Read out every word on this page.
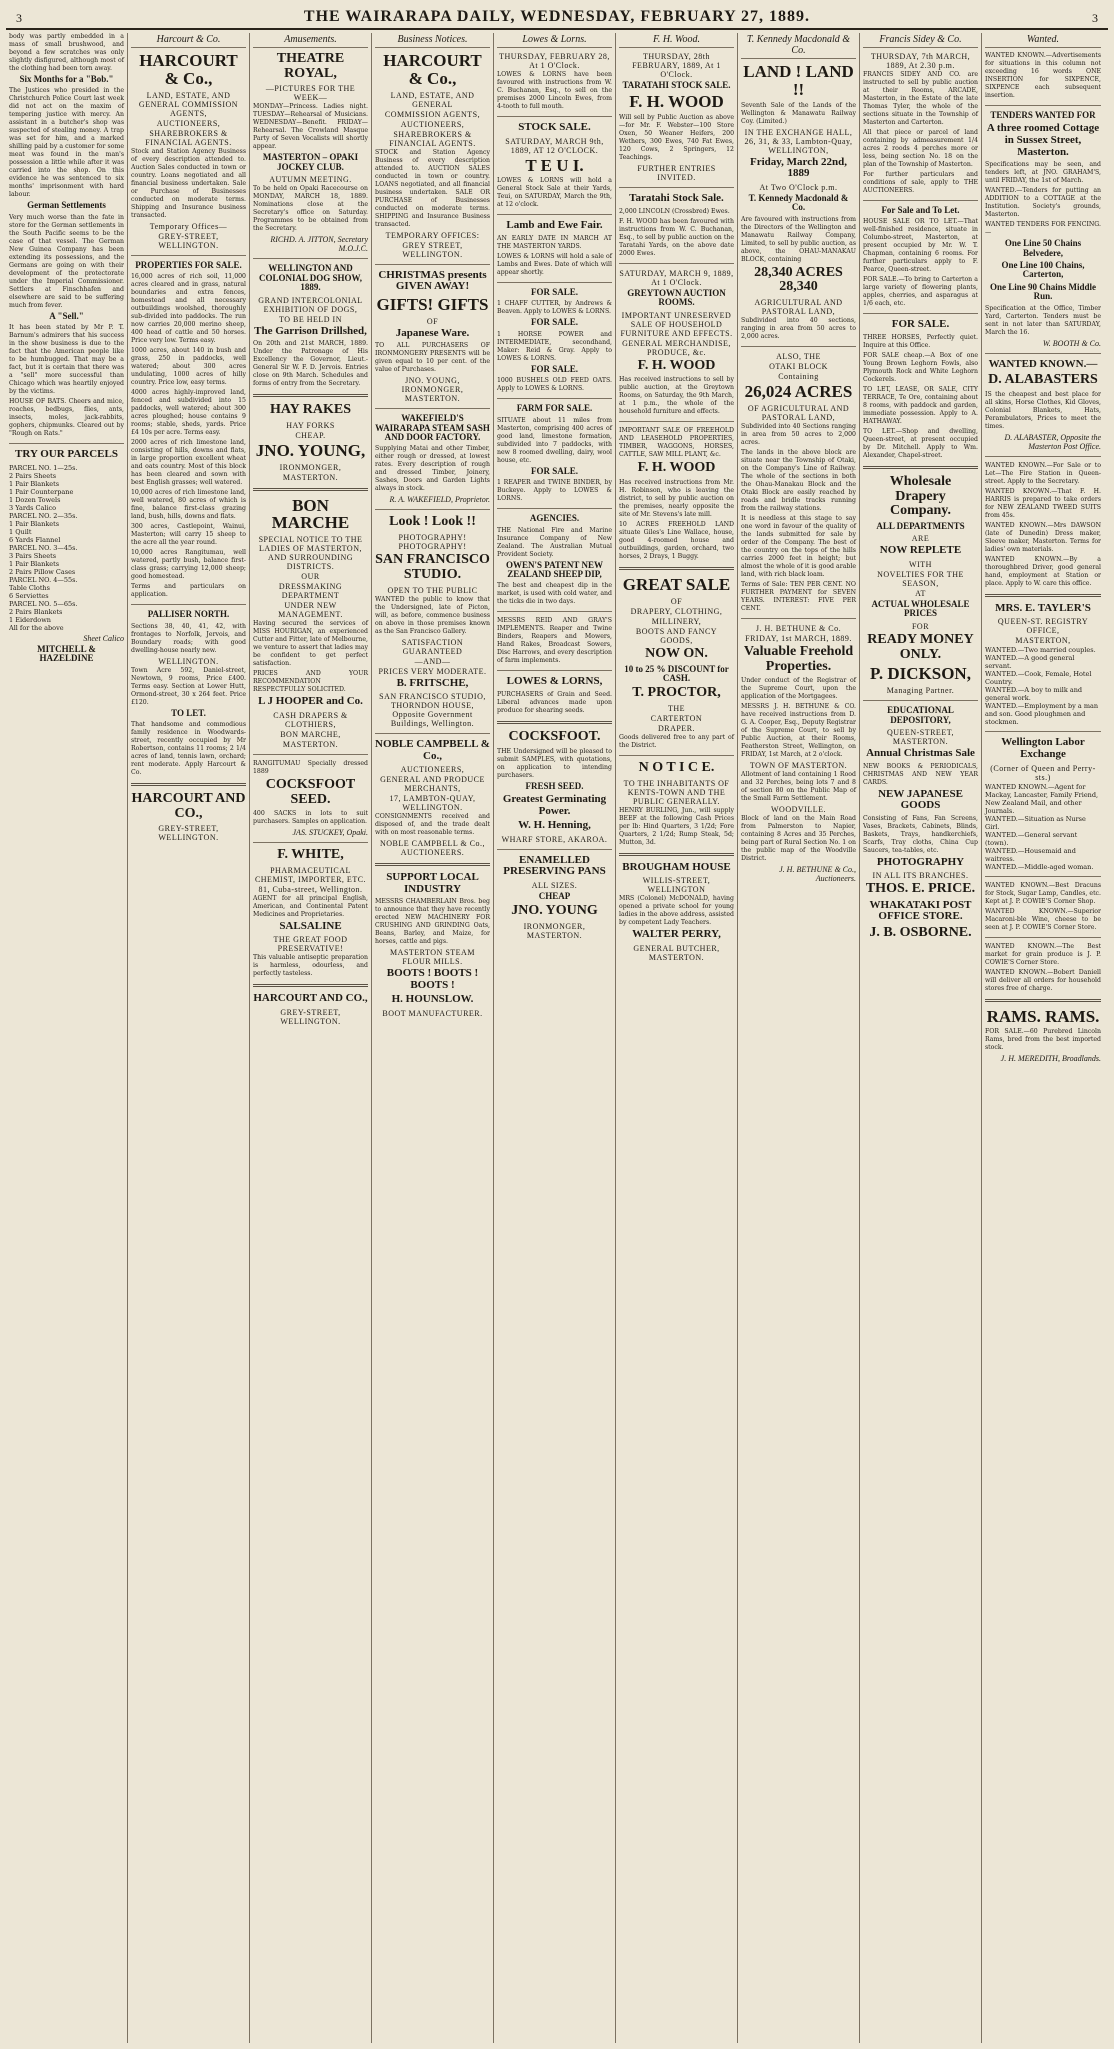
3	THE WAIRARAPA DAILY, WEDNESDAY, FEBRUARY 27, 1889.	3

body was partly embedded in a mass of small brushwood, and beyond a few scratches was only slightly disfigured, although most of the clothing had been torn away.

Six Months for a "Bob."

The Justices who presided in the Christchurch Police Court last week did not act on the maxim of tempering justice with mercy. An assistant in a butcher's shop was suspected of stealing money. A trap was set for him, and a marked shilling paid by a customer for some meat was found in the man's possession a little while after it was carried into the shop. On this evidence he was sentenced to six months' imprisonment with hard labour.

German Settlements

Very much worse than the fate in store for the German settlements in the South Pacific seems to be the case of that vessel. The German New Guinea Company has been extending its possessions, and the Germans are going on with their development of the protectorate under the Imperial Commissioner. Settlers at Finschhafen and elsewhere are said to be suffering much from fever.

A "Sell."

It has been stated by Mr P. T. Barnum's admirers that his success in the show business is due to the fact that the American people like to be humbugged. That may be a fact, but it is certain that there was a "sell" more successful than Chicago which was heartily enjoyed by the victims.

HOUSE OF BATS. Cheers and mice, roaches, bedbugs, flies, ants, insects, moles, jack-rabbits, gophers, chipmunks. Cleared out by "Rough on Rats."

TRY OUR PARCELS

PARCEL NO. 1—25s.

2 Pairs Sheets

1 Pair Blankets

1 Pair Counterpane

1 Dozen Towels

3 Yards Calico

PARCEL NO. 2—35s.

1 Pair Blankets

1 Quilt

6 Yards Flannel

PARCEL NO. 3—45s.

3 Pairs Sheets

1 Pair Blankets

2 Pairs Pillow Cases

PARCEL NO. 4—55s.

Table Cloths

6 Serviettes

PARCEL NO. 5—65s.

2 Pairs Blankets

1 Eiderdown

All for the above

Sheet Calico
MITCHELL & HAZELDINE
Harcourt & Co.
HARCOURT & Co.,
LAND, ESTATE, AND GENERAL COMMISSION AGENTS,
AUCTIONEERS,
SHAREBROKERS & FINANCIAL AGENTS.

Stock and Station Agency Business of every description attended to. Auction Sales conducted in town or country. Loans negotiated and all financial business undertaken. Sale or Purchase of Businesses conducted on moderate terms. Shipping and Insurance business transacted.

Temporary Offices—
GREY-STREET, WELLINGTON.
PROPERTIES FOR SALE.

16,000 acres of rich soil, 11,000 acres cleared and in grass, natural boundaries and extra fences, homestead and all necessary outbuildings woolshed, thoroughly sub-divided into paddocks. The run now carries 20,000 merino sheep, 400 head of cattle and 50 horses. Price very low. Terms easy.

1000 acres, about 140 in bush and grass, 250 in paddocks, well watered; about 300 acres undulating, 1000 acres of hilly country. Price low, easy terms.

4000 acres highly-improved land, fenced and subdivided into 15 paddocks, well watered; about 300 acres ploughed; house contains 9 rooms; stable, sheds, yards. Price £4 10s per acre. Terms easy.

2000 acres of rich limestone land, consisting of hills, downs and flats, in large proportion excellent wheat and oats country. Most of this block has been cleared and sown with best English grasses; well watered.

10,000 acres of rich limestone land, well watered, 80 acres of which is fine, balance first-class grazing land, bush, hills, downs and flats.

300 acres, Castlepoint, Wainui, Masterton; will carry 15 sheep to the acre all the year round.

10,000 acres Rangitumau, well watered, partly bush, balance first-class grass; carrying 12,000 sheep; good homestead.

Terms and particulars on application.

PALLISER NORTH.

Sections 38, 40, 41, 42, with frontages to Norfolk, Jervois, and Boundary roads; with good dwelling-house nearly new.

WELLINGTON.

Town Acre 592, Daniel-street, Newtown, 9 rooms, Price £400. Terms easy. Section at Lower Hutt, Ormond-street, 30 x 264 feet. Price £120.

TO LET.

That handsome and commodious family residence in Woodwards-street, recently occupied by Mr Robertson, contains 11 rooms; 2 1/4 acres of land, tennis lawn, orchard; rent moderate. Apply Harcourt & Co.

HARCOURT AND CO.,
GREY-STREET, WELLINGTON.
Amusements.
THEATRE ROYAL,
—PICTURES FOR THE WEEK—

MONDAY—Princess. Ladies night. TUESDAY—Rehearsal of Musicians. WEDNESDAY—Benefit. FRIDAY—Rehearsal. The Crowland Masque Party of Seven Vocalists will shortly appear.

MASTERTON – OPAKI JOCKEY CLUB.
AUTUMN MEETING.

To be held on Opaki Racecourse on MONDAY, MARCH 18, 1889. Nominations close at the Secretary's office on Saturday. Programmes to be obtained from the Secretary.

RICHD. A. JITTON, Secretary M.O.J.C.
WELLINGTON AND COLONIAL DOG SHOW, 1889.
GRAND INTERCOLONIAL EXHIBITION OF DOGS,
TO BE HELD IN
The Garrison Drillshed,

On 20th and 21st MARCH, 1889. Under the Patronage of His Excellency the Governor, Lieut.-General Sir W. F. D. Jervois. Entries close on 9th March. Schedules and forms of entry from the Secretary.

HAY RAKES
HAY FORKS
CHEAP.
JNO. YOUNG,
IRONMONGER,
MASTERTON.
BON MARCHE
SPECIAL NOTICE TO THE LADIES OF MASTERTON, AND SURROUNDING DISTRICTS.
OUR
DRESSMAKING DEPARTMENT
UNDER NEW MANAGEMENT.

Having secured the services of MISS HOURIGAN, an experienced Cutter and Fitter, late of Melbourne, we venture to assert that ladies may be confident to get perfect satisfaction.

PRICES AND YOUR RECOMMENDATION RESPECTFULLY SOLICITED.

L J HOOPER and Co.
CASH DRAPERS & CLOTHIERS,
BON MARCHE,
MASTERTON.

RANGITUMAU Specially dressed 1889

COCKSFOOT SEED.

400 SACKS in lots to suit purchasers. Samples on application.

JAS. STUCKEY, Opaki.
F. WHITE,
PHARMACEUTICAL CHEMIST, IMPORTER, ETC.
81, Cuba-street, Wellington.

AGENT for all principal English, American, and Continental Patent Medicines and Proprietaries.

SALSALINE
THE GREAT FOOD PRESERVATIVE!

This valuable antiseptic preparation is harmless, odourless, and perfectly tasteless.

HARCOURT AND CO.,
GREY-STREET, WELLINGTON.
Business Notices.
HARCOURT & Co.,
LAND, ESTATE, AND GENERAL
COMMISSION AGENTS,
AUCTIONEERS,
SHAREBROKERS & FINANCIAL AGENTS.

STOCK and Station Agency Business of every description attended to. AUCTION SALES conducted in town or country. LOANS negotiated, and all financial business undertaken. SALE OR PURCHASE of Businesses conducted on moderate terms. SHIPPING and Insurance Business transacted.

TEMPORARY OFFICES:
GREY STREET, WELLINGTON.
CHRISTMAS presents GIVEN AWAY!
GIFTS! GIFTS
OF
Japanese Ware.

TO ALL PURCHASERS OF IRONMONGERY PRESENTS will be given equal to 10 per cent. of the value of Purchases.

JNO. YOUNG, IRONMONGER, MASTERTON.
WAKEFIELD'S WAIRARAPA STEAM SASH AND DOOR FACTORY.

Supplying Matai and other Timber, either rough or dressed, at lowest rates. Every description of rough and dressed Timber, Joinery, Sashes, Doors and Garden Lights always in stock.

R. A. WAKEFIELD, Proprietor.
Look ! Look !!
PHOTOGRAPHY! PHOTOGRAPHY!
SAN FRANCISCO STUDIO.
OPEN TO THE PUBLIC

WANTED the public to know that the Undersigned, late of Picton, will, as before, commence business on above in those premises known as the San Francisco Gallery.

SATISFACTION GUARANTEED
—AND—
PRICES VERY MODERATE.
B. FRITSCHE,
SAN FRANCISCO STUDIO, THORNDON HOUSE, Opposite Government Buildings, Wellington.
NOBLE CAMPBELL & Co.,
AUCTIONEERS,
GENERAL AND PRODUCE MERCHANTS,
17, LAMBTON-QUAY, WELLINGTON.

CONSIGNMENTS received and disposed of, and the trade dealt with on most reasonable terms.

NOBLE CAMPBELL & Co., AUCTIONEERS.
SUPPORT LOCAL INDUSTRY

MESSRS CHAMBERLAIN Bros. beg to announce that they have recently erected NEW MACHINERY FOR CRUSHING AND GRINDING Oats, Beans, Barley, and Maize, for horses, cattle and pigs.

MASTERTON STEAM FLOUR MILLS.
BOOTS ! BOOTS ! BOOTS !
H. HOUNSLOW.
BOOT MANUFACTURER.
Lowes & Lorns.
THURSDAY, FEBRUARY 28, At 1 O'Clock.

LOWES & LORNS have been favoured with instructions from W. C. Buchanan, Esq., to sell on the premises 2000 Lincoln Ewes, from 4-tooth to full mouth.

STOCK SALE.
SATURDAY, MARCH 9th, 1889, AT 12 O'CLOCK.
T E U I.

LOWES & LORNS will hold a General Stock Sale at their Yards, Teui, on SATURDAY, March the 9th, at 12 o'clock.

Lamb and Ewe Fair.

AN EARLY DATE IN MARCH AT THE MASTERTON YARDS.

LOWES & LORNS will hold a sale of Lambs and Ewes. Date of which will appear shortly.

FOR SALE.

1 CHAFF CUTTER, by Andrews & Beaven. Apply to LOWES & LORNS.

FOR SALE.

1 HORSE POWER and INTERMEDIATE, secondhand, Maker: Reid & Gray. Apply to LOWES & LORNS.

FOR SALE.

1000 BUSHELS OLD FEED OATS. Apply to LOWES & LORNS.

FARM FOR SALE.

SITUATE about 11 miles from Masterton, comprising 400 acres of good land, limestone formation, subdivided into 7 paddocks, with new 8 roomed dwelling, dairy, wool house, etc.

FOR SALE.

1 REAPER and TWINE BINDER, by Buckeye. Apply to LOWES & LORNS.

AGENCIES.

THE National Fire and Marine Insurance Company of New Zealand. The Australian Mutual Provident Society.

OWEN'S PATENT NEW ZEALAND SHEEP DIP,

The best and cheapest dip in the market, is used with cold water, and the ticks die in two days.

MESSRS REID AND GRAY'S IMPLEMENTS. Reaper and Twine Binders, Reapers and Mowers, Hand Rakes, Broadcast Sowers, Disc Harrows, and every description of farm implements.

LOWES & LORNS,

PURCHASERS of Grain and Seed. Liberal advances made upon produce for shearing seeds.

COCKSFOOT.

THE Undersigned will be pleased to submit SAMPLES, with quotations, on application to intending purchasers.

FRESH SEED.
Greatest Germinating Power.
W. H. Henning,
WHARF STORE, AKAROA.
ENAMELLED PRESERVING PANS
ALL SIZES.
CHEAP
JNO. YOUNG
IRONMONGER, MASTERTON.
F. H. Wood.
THURSDAY, 28th FEBRUARY, 1889, At 1 O'Clock.
TARATAHI STOCK SALE.
F. H. WOOD

Will sell by Public Auction as above—for Mr. F. Webster—100 Store Oxen, 50 Weaner Heifers, 200 Wethers, 300 Ewes, 740 Fat Ewes, 120 Cows, 2 Springers, 12 Teachings.

FURTHER ENTRIES INVITED.
Taratahi Stock Sale.

2,000 LINCOLN (Crossbred) Ewes.

F. H. WOOD has been favoured with instructions from W. C. Buchanan, Esq., to sell by public auction on the Taratahi Yards, on the above date 2000 Ewes.

SATURDAY, MARCH 9, 1889, At 1 O'Clock.
GREYTOWN AUCTION ROOMS.
IMPORTANT UNRESERVED SALE OF HOUSEHOLD FURNITURE AND EFFECTS.
GENERAL MERCHANDISE, PRODUCE, &c.
F. H. WOOD

Has received instructions to sell by public auction, at the Greytown Rooms, on Saturday, the 9th March, at 1 p.m., the whole of the household furniture and effects.

IMPORTANT SALE OF FREEHOLD AND LEASEHOLD PROPERTIES, TIMBER, WAGGONS, HORSES, CATTLE, SAW MILL PLANT, &c.

F. H. WOOD

Has received instructions from Mr. H. Robinson, who is leaving the district, to sell by public auction on the premises, nearly opposite the site of Mr. Stevens's late mill.

10 ACRES FREEHOLD LAND situate Giles's Line Wallace, house, good 4-roomed house and outbuildings, garden, orchard, two horses, 2 Drays, 1 Buggy.

GREAT SALE
OF
DRAPERY, CLOTHING,
MILLINERY,
BOOTS AND FANCY GOODS,
NOW ON.
10 to 25 % DISCOUNT for CASH.
T. PROCTOR,
THE
CARTERTON
DRAPER.

Goods delivered free to any part of the District.

N O T I C E.
TO THE INHABITANTS OF KENTS-TOWN AND THE PUBLIC GENERALLY.

HENRY BURLING, Jun., will supply BEEF at the following Cash Prices per lb: Hind Quarters, 3 1/2d; Fore Quarters, 2 1/2d; Rump Steak, 5d; Mutton, 3d.

BROUGHAM HOUSE
WILLIS-STREET, WELLINGTON

MRS (Colonel) McDONALD, having opened a private school for young ladies in the above address, assisted by competent Lady Teachers.

WALTER PERRY,
GENERAL BUTCHER, MASTERTON.
T. Kennedy Macdonald & Co.
LAND ! LAND !!

Seventh Sale of the Lands of the Wellington & Manawatu Railway Coy. (Limited.)

IN THE EXCHANGE HALL, 26, 31, & 33, Lambton-Quay, WELLINGTON,
Friday, March 22nd, 1889
At Two O'Clock p.m.
T. Kennedy Macdonald & Co.

Are favoured with instructions from the Directors of the Wellington and Manawatu Railway Company, Limited, to sell by public auction, as above, the OHAU-MANAKAU BLOCK, containing

28,340 ACRES 28,340
AGRICULTURAL AND PASTORAL LAND,

Subdivided into 40 sections, ranging in area from 50 acres to 2,000 acres.

ALSO, THE
OTAKI BLOCK
Containing
26,024 ACRES
OF AGRICULTURAL AND PASTORAL LAND,

Subdivided into 40 Sections ranging in area from 50 acres to 2,000 acres.

The lands in the above block are situate near the Township of Otaki, on the Company's Line of Railway. The whole of the sections in both the Ohau-Manakau Block and the Otaki Block are easily reached by roads and bridle tracks running from the railway stations.

It is needless at this stage to say one word in favour of the quality of the lands submitted for sale by order of the Company. The best of the country on the tops of the hills carries 2000 feet in height; but almost the whole of it is good arable land, with rich black loam.

Terms of Sale: TEN PER CENT. NO FURTHER PAYMENT for SEVEN YEARS. INTEREST: FIVE PER CENT.

J. H. BETHUNE & Co.
FRIDAY, 1st MARCH, 1889.
Valuable Freehold Properties.

Under conduct of the Registrar of the Supreme Court, upon the application of the Mortgagees.

MESSRS J. H. BETHUNE & CO. have received instructions from D. G. A. Cooper, Esq., Deputy Registrar of the Supreme Court, to sell by Public Auction, at their Rooms, Featherston Street, Wellington, on FRIDAY, 1st March, at 2 o'clock.

TOWN OF MASTERTON.

Allotment of land containing 1 Rood and 32 Perches, being lots 7 and 8 of section 80 on the Public Map of the Small Farm Settlement.

WOODVILLE.

Block of land on the Main Road from Palmerston to Napier, containing 8 Acres and 35 Perches, being part of Rural Section No. 1 on the public map of the Woodville District.

J. H. BETHUNE & Co., Auctioneers.
Francis Sidey & Co.
THURSDAY, 7th MARCH, 1889, At 2.30 p.m.

FRANCIS SIDEY AND CO. are instructed to sell by public auction at their Rooms, ARCADE, Masterton, in the Estate of the late Thomas Tyler, the whole of the sections situate in the Township of Masterton and Carterton.

All that piece or parcel of land containing by admeasurement 1/4 acres 2 roods 4 perches more or less, being section No. 18 on the plan of the Township of Masterton.

For further particulars and conditions of sale, apply to THE AUCTIONEERS.

For Sale and To Let.

HOUSE SALE OR TO LET.—That well-finished residence, situate in Columbo-street, Masterton, at present occupied by Mr. W. T. Chapman, containing 6 rooms. For further particulars apply to F. Pearce, Queen-street.

FOR SALE.—To bring to Carterton a large variety of flowering plants, apples, cherries, and asparagus at 1/6 each, etc.

FOR SALE.

THREE HORSES, Perfectly quiet. Inquire at this Office.

FOR SALE cheap.—A Box of one Young Brown Leghorn Fowls, also Plymouth Rock and White Leghorn Cockerels.

TO LET, LEASE, OR SALE, CITY TERRACE, Te Ore, containing about 8 rooms, with paddock and garden, immediate possession. Apply to A. HATHAWAY.

TO LET.—Shop and dwelling, Queen-street, at present occupied by Dr. Mitchell. Apply to Wm. Alexander, Chapel-street.

Wholesale Drapery Company.
ALL DEPARTMENTS
ARE
NOW REPLETE
WITH
NOVELTIES FOR THE SEASON,
AT
ACTUAL WHOLESALE PRICES
FOR
READY MONEY ONLY.
P. DICKSON,
Managing Partner.
EDUCATIONAL DEPOSITORY,
QUEEN-STREET, MASTERTON.
Annual Christmas Sale

NEW BOOKS & PERIODICALS, CHRISTMAS AND NEW YEAR CARDS.

NEW JAPANESE GOODS

Consisting of Fans, Fan Screens, Vases, Brackets, Cabinets, Blinds, Baskets, Trays, handkerchiefs, Scarfs, Tray cloths, China Cup Saucers, tea-tables, etc.

PHOTOGRAPHY
IN ALL ITS BRANCHES.
THOS. E. PRICE.
WHAKATAKI POST OFFICE STORE.
J. B. OSBORNE.
Wanted.

WANTED KNOWN.—Advertisements for situations in this column not exceeding 16 words ONE INSERTION for SIXPENCE, SIXPENCE each subsequent insertion.

TENDERS WANTED FOR
A three roomed Cottage in Sussex Street, Masterton.

Specifications may be seen, and tenders left, at JNO. GRAHAM'S, until FRIDAY, the 1st of March.

WANTED.—Tenders for putting an ADDITION to a COTTAGE at the Institution. Society's grounds, Masterton.

WANTED TENDERS FOR FENCING.—

One Line 50 Chains Belvedere,
One Line 100 Chains, Carterton,
One Line 90 Chains Middle Run.

Specification at the Office, Timber Yard, Carterton. Tenders must be sent in not later than SATURDAY, March the 16.

W. BOOTH & Co.
WANTED KNOWN.—
D. ALABASTERS

IS the cheapest and best place for all skins, Horse Clothes, Kid Gloves, Colonial Blankets, Hats, Perambulators, Prices to meet the times.

D. ALABASTER, Opposite the Masterton Post Office.

WANTED KNOWN.—For Sale or to Let—The Fire Station in Queen-street. Apply to the Secretary.

WANTED KNOWN.—That F. H. HARRIS is prepared to take orders for NEW ZEALAND TWEED SUITS from 45s.

WANTED KNOWN.—Mrs DAWSON (late of Dunedin) Dress maker, Sleeve maker, Masterton. Terms for ladies' own materials.

WANTED KNOWN.—By a thoroughbred Driver, good general hand, employment at Station or place. Apply to W. care this office.

MRS. E. TAYLER'S
QUEEN-ST. REGISTRY OFFICE,
MASTERTON,

WANTED.—Two married couples.

WANTED.—A good general servant.

WANTED.—Cook, Female, Hotel Country.

WANTED.—A boy to milk and general work.

WANTED.—Employment by a man and son. Good ploughmen and stockmen.

Wellington Labor Exchange
(Corner of Queen and Perry-sts.)

WANTED KNOWN.—Agent for Mackay, Lancaster, Family Friend, New Zealand Mail, and other Journals.

WANTED.—Situation as Nurse Girl.

WANTED.—General servant (town).

WANTED.—Housemaid and waitress.

WANTED.—Middle-aged woman.

WANTED KNOWN.—Best Dracuns for Stock, Sugar Lamp, Candles, etc. Kept at J. P. COWIE'S Corner Shop.

WANTED KNOWN.—Superior Macaroni-ble Wine, cheese to be seen at J. P. COWIE'S Corner Store.

WANTED KNOWN.—The Best market for grain produce is J. P. COWIE'S Corner Store.

WANTED KNOWN.—Bobert Daniell will deliver all orders for household stores free of charge.

RAMS. RAMS.

FOR SALE.—60 Purebred Lincoln Rams, bred from the best imported stock.

J. H. MEREDITH, Broadlands.
